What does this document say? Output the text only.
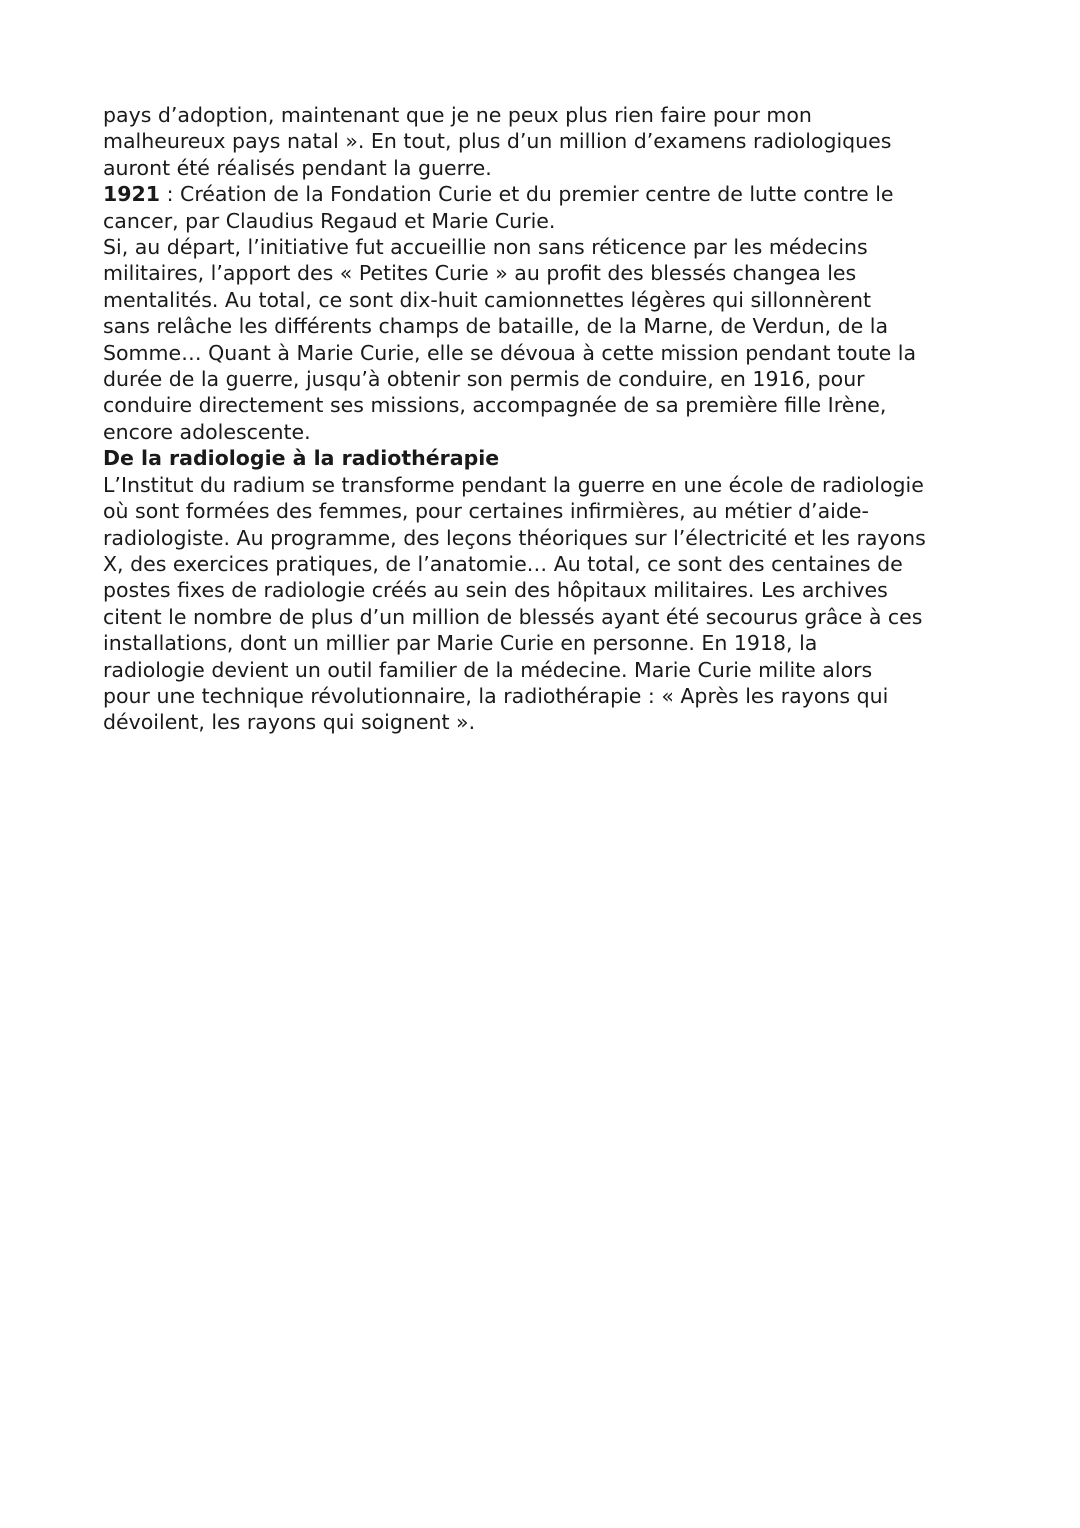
pays d’adoption, maintenant que je ne peux plus rien faire pour mon
malheureux pays natal ». En tout, plus d’un million d’examens radiologiques
auront été réalisés pendant la guerre.

1921 : Création de la Fondation Curie et du premier centre de lutte contre le
cancer, par Claudius Regaud et Marie Curie.

Si, au départ, l’initiative fut accueillie non sans réticence par les médecins
militaires, l’apport des « Petites Curie » au profit des blessés changea les
mentalités. Au total, ce sont dix-huit camionnettes légères qui sillonnèrent
sans relâche les différents champs de bataille, de la Marne, de Verdun, de la
Somme… Quant à Marie Curie, elle se dévoua à cette mission pendant toute la
durée de la guerre, jusqu’à obtenir son permis de conduire, en 1916, pour
conduire directement ses missions, accompagnée de sa première fille Irène,
encore adolescente.

De la radiologie à la radiothérapie

L’Institut du radium se transforme pendant la guerre en une école de radiologie
où sont formées des femmes, pour certaines infirmières, au métier d’aide-
radiologiste. Au programme, des leçons théoriques sur l’électricité et les rayons
X, des exercices pratiques, de l’anatomie… Au total, ce sont des centaines de
postes fixes de radiologie créés au sein des hôpitaux militaires. Les archives
citent le nombre de plus d’un million de blessés ayant été secourus grâce à ces
installations, dont un millier par Marie Curie en personne. En 1918, la
radiologie devient un outil familier de la médecine. Marie Curie milite alors
pour une technique révolutionnaire, la radiothérapie : « Après les rayons qui
dévoilent, les rayons qui soignent ».
